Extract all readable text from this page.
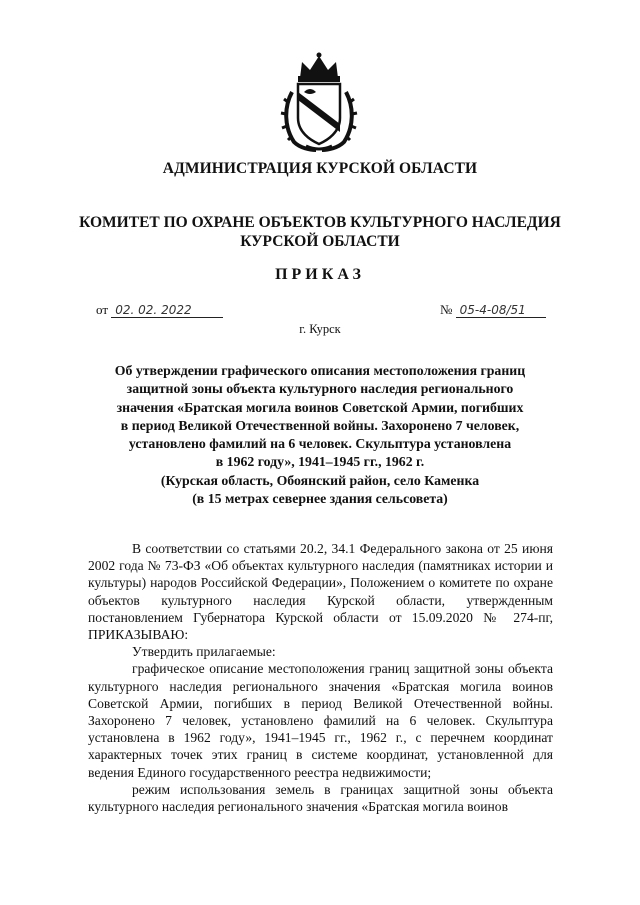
АДМИНИСТРАЦИЯ КУРСКОЙ ОБЛАСТИ
КОМИТЕТ ПО ОХРАНЕ ОБЪЕКТОВ КУЛЬТУРНОГО НАСЛЕДИЯ
КУРСКОЙ ОБЛАСТИ
ПРИКАЗ
от 02. 02. 2022	№ 05-4-08/51
г. Курск
Об утверждении графического описания местоположения границ
защитной зоны объекта культурного наследия регионального
значения «Братская могила воинов Советской Армии, погибших
в период Великой Отечественной войны. Захоронено 7 человек,
установлено фамилий на 6 человек. Скульптура установлена
в 1962 году», 1941–1945 гг., 1962 г.
(Курская область, Обоянский район, село Каменка
(в 15 метрах севернее здания сельсовета)

В соответствии со статьями 20.2, 34.1 Федерального закона от 25 июня 2002 года № 73-ФЗ «Об объектах культурного наследия (памятниках истории и культуры) народов Российской Федерации», Положением о комитете по охране объектов культурного наследия Курской области, утвержденным постановлением Губернатора Курской области от 15.09.2020 № 274-пг, ПРИКАЗЫВАЮ:

Утвердить прилагаемые:

графическое описание местоположения границ защитной зоны объекта культурного наследия регионального значения «Братская могила воинов Советской Армии, погибших в период Великой Отечественной войны. Захоронено 7 человек, установлено фамилий на 6 человек. Скульптура установлена в 1962 году», 1941–1945 гг., 1962 г., с перечнем координат характерных точек этих границ в системе координат, установленной для ведения Единого государственного реестра недвижимости;

режим использования земель в границах защитной зоны объекта культурного наследия регионального значения «Братская могила воинов
